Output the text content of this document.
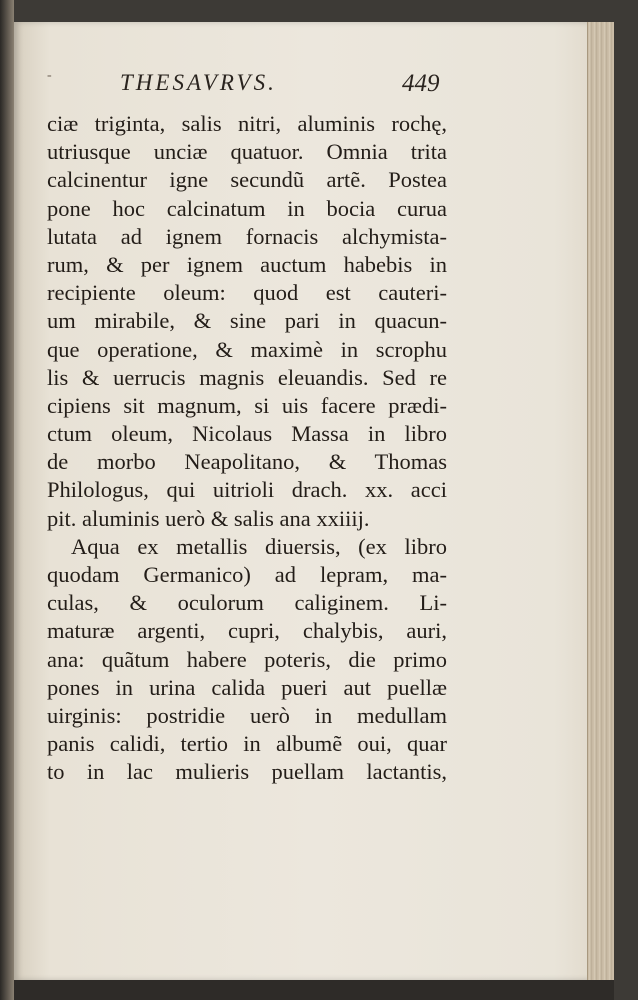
-	THESAVRVS.	449
ciæ triginta, salis nitri, aluminis rochę,
utriusque unciæ quatuor. Omnia trita
calcinentur igne secundũ artẽ. Postea
pone hoc calcinatum in bocia curua
lutata ad ignem fornacis alchymista-
rum, & per ignem auctum habebis in
recipiente oleum: quod est cauteri-
um mirabile, & sine pari in quacun-
que operatione, & maximè in scrophu
lis & uerrucis magnis eleuandis. Sed re
cipiens sit magnum, si uis facere prædi-
ctum oleum, Nicolaus Massa in libro
de morbo Neapolitano, & Thomas
Philologus, qui uitrioli drach. xx. acci
pit. aluminis uerò & salis ana xxiiij.
Aqua ex metallis diuersis, (ex libro
quodam Germanico) ad lepram, ma-
culas, & oculorum caliginem. Li-
maturæ argenti, cupri, chalybis, auri,
ana: quãtum habere poteris, die primo
pones in urina calida pueri aut puellæ
uirginis: postridie uerò in medullam
panis calidi, tertio in albumẽ oui, quar
to in lac mulieris puellam lactantis,
